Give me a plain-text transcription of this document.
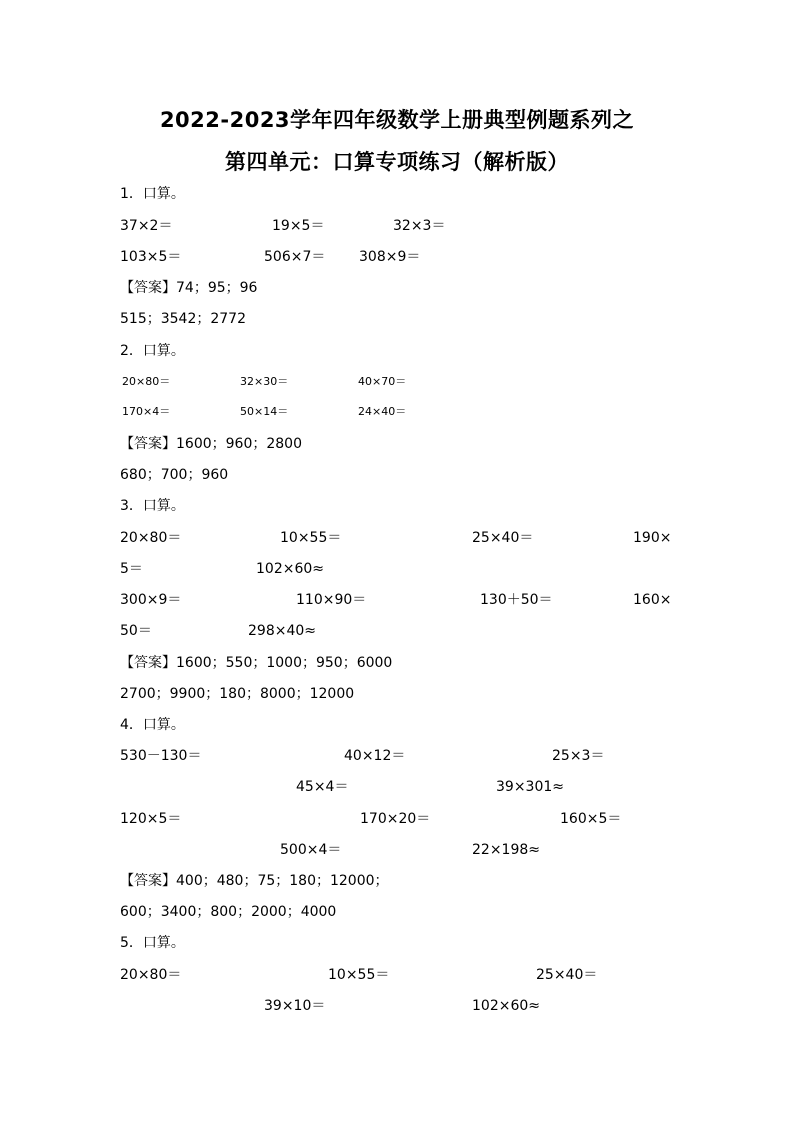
2022-2023学年四年级数学上册典型例题系列之
第四单元：口算专项练习（解析版）
1．口算。
37×2＝	19×5＝	32×3＝
103×5＝	506×7＝ 308×9＝
【答案】74；95；96
515；3542；2772
2．口算。
20×80＝	32×30＝	40×70＝
170×4＝	50×14＝	24×40＝
【答案】1600；960；2800
680；700；960
3．口算。
20×80＝	10×55＝	25×40＝	190×
5＝	102×60≈
300×9＝	110×90＝	130＋50＝	160×
50＝	298×40≈
【答案】1600；550；1000；950；6000
2700；9900；180；8000；12000
4．口算。
530－130＝	40×12＝	25×3＝
45×4＝	39×301≈
120×5＝	170×20＝	160×5＝
500×4＝	22×198≈
【答案】400；480；75；180；12000；
600；3400；800；2000；4000
5．口算。
20×80＝	10×55＝	25×40＝
39×10＝	102×60≈
